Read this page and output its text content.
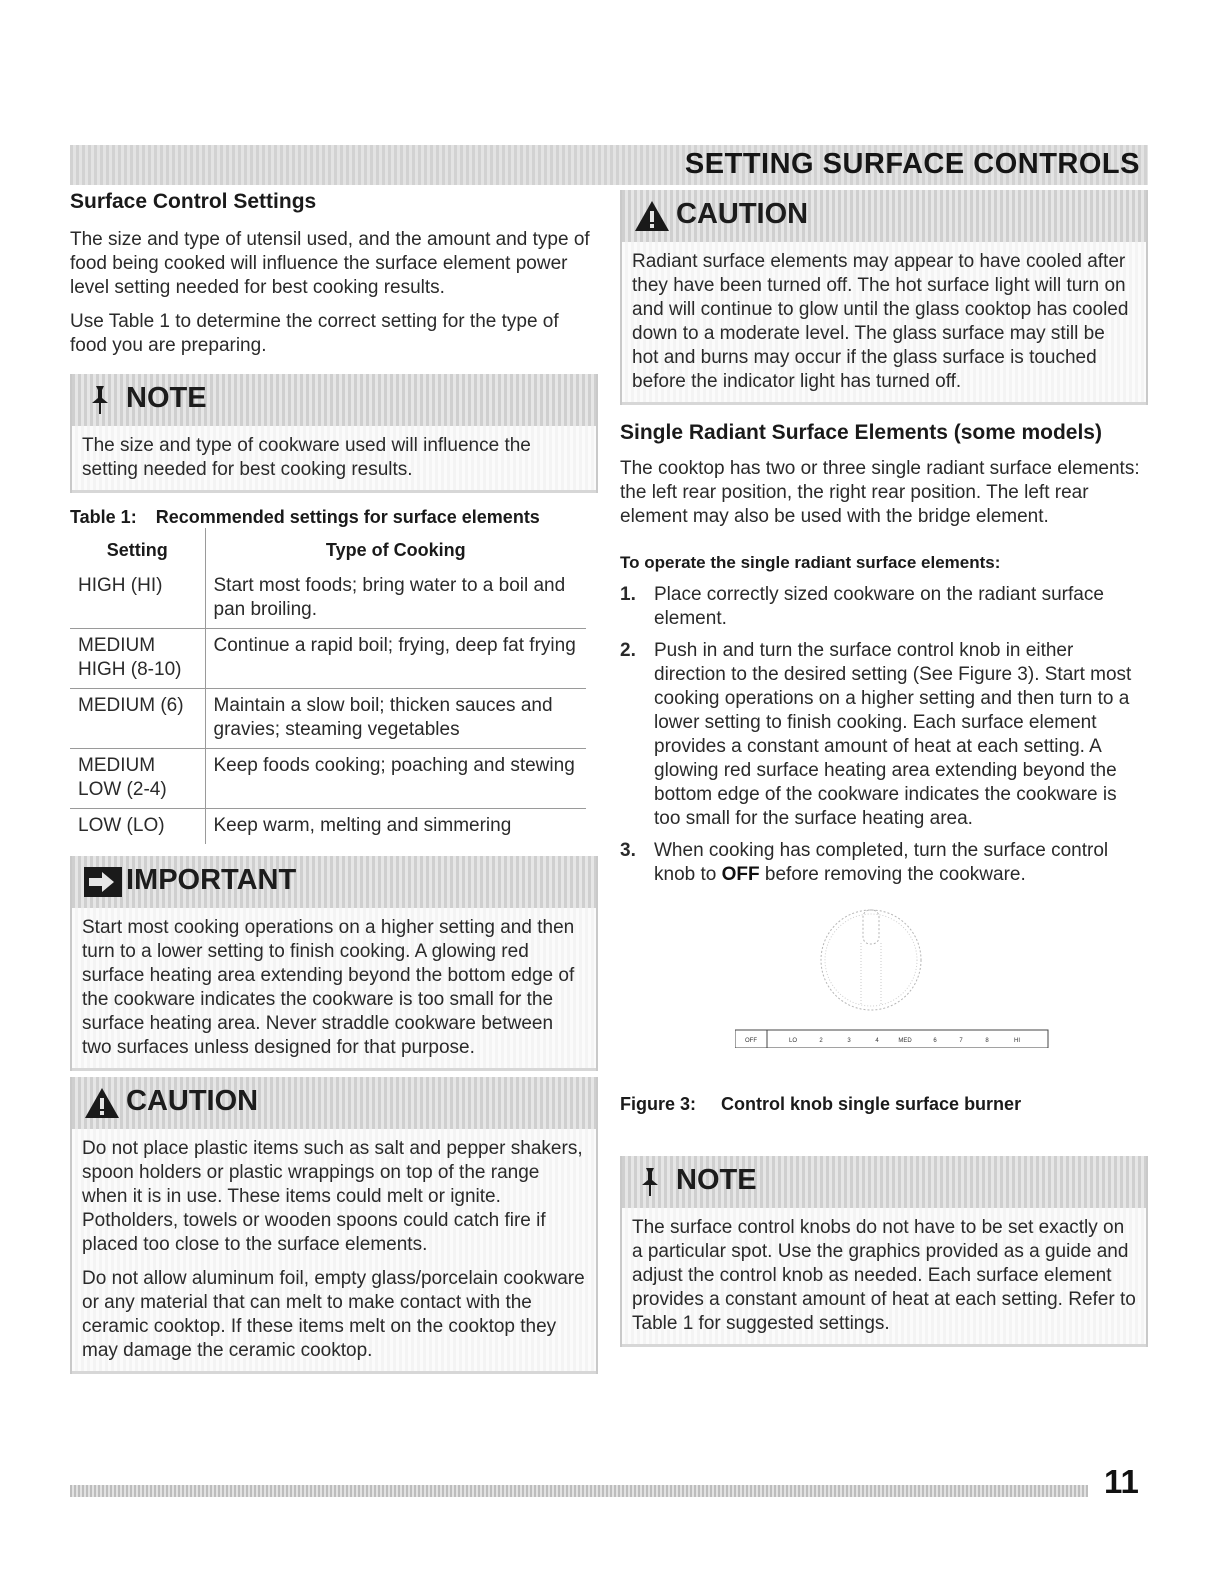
SETTING SURFACE CONTROLS
Surface Control Settings

The size and type of utensil used, and the amount and type of food being cooked will influence the surface element power level setting needed for best cooking results.

Use Table 1 to determine the correct setting for the type of food you are preparing.

NOTE

The size and type of cookware used will influence the setting needed for best cooking results.

Table 1: Recommended settings for surface elements
Setting	Type of Cooking
HIGH (HI)	Start most foods; bring water to a boil and pan broiling.
MEDIUM HIGH (8-10)	Continue a rapid boil; frying, deep fat frying
MEDIUM (6)	Maintain a slow boil; thicken sauces and gravies; steaming vegetables
MEDIUM LOW (2-4)	Keep foods cooking; poaching and stewing
LOW (LO)	Keep warm, melting and simmering
IMPORTANT

Start most cooking operations on a higher setting and then turn to a lower setting to finish cooking. A glowing red surface heating area extending beyond the bottom edge of the cookware indicates the cookware is too small for the surface heating area. Never straddle cookware between two surfaces unless designed for that purpose.

CAUTION

Do not place plastic items such as salt and pepper shakers, spoon holders or plastic wrappings on top of the range when it is in use. These items could melt or ignite. Potholders, towels or wooden spoons could catch fire if placed too close to the surface elements.

Do not allow aluminum foil, empty glass/porcelain cookware or any material that can melt to make contact with the ceramic cooktop. If these items melt on the cooktop they may damage the ceramic cooktop.

CAUTION

Radiant surface elements may appear to have cooled after they have been turned off. The hot surface light will turn on and will continue to glow until the glass cooktop has cooled down to a moderate level. The glass surface may still be hot and burns may occur if the glass surface is touched before the indicator light has turned off.

Single Radiant Surface Elements (some models)

The cooktop has two or three single radiant surface elements: the left rear position, the right rear position. The left rear element may also be used with the bridge element.

To operate the single radiant surface elements:
1. Place correctly sized cookware on the radiant surface element.
2. Push in and turn the surface control knob in either direction to the desired setting (See Figure 3). Start most cooking operations on a higher setting and then turn to a lower setting to finish cooking. Each surface element provides a constant amount of heat at each setting. A glowing red surface heating area extending beyond the bottom edge of the cookware indicates the cookware is too small for the surface heating area.
3. When cooking has completed, turn the surface control knob to OFF before removing the cookware.
OFF	LO	2	3	4	MED	6	7	8	HI
Figure 3: Control knob single surface burner
NOTE

The surface control knobs do not have to be set exactly on a particular spot. Use the graphics provided as a guide and adjust the control knob as needed. Each surface element provides a constant amount of heat at each setting. Refer to Table 1 for suggested settings.

11
